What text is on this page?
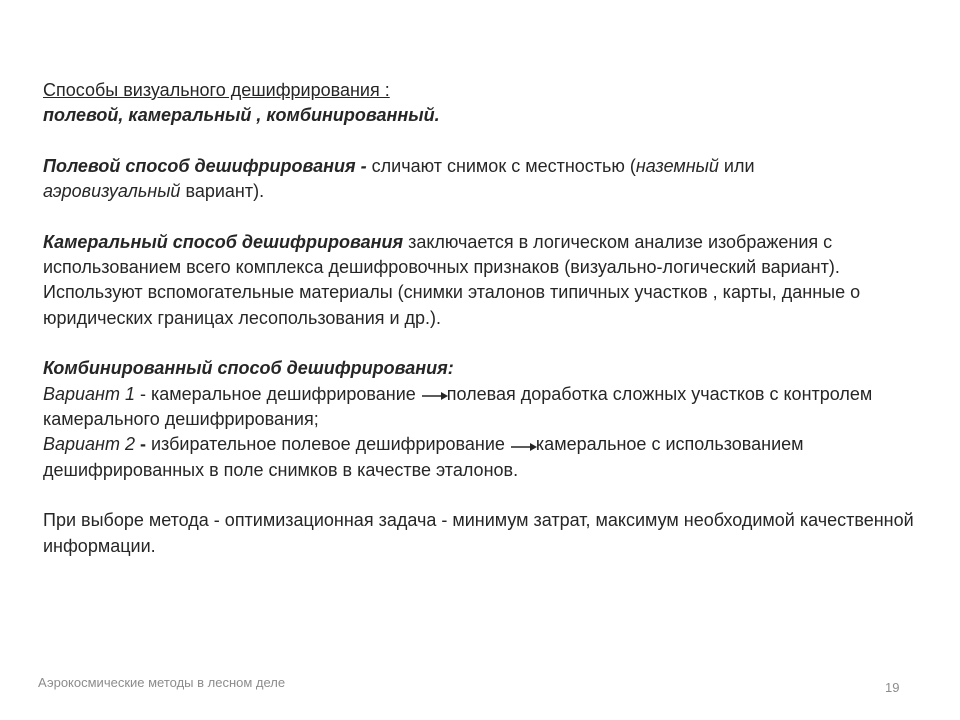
Способы визуального дешифрирования :

полевой, камеральный , комбинированный.

Полевой способ дешифрирования - сличают снимок с местностью (наземный или
аэровизуальный вариант).

Камеральный способ дешифрирования заключается в логическом анализе изображения с использованием всего комплекса дешифровочных признаков (визуально-логический вариант). Используют вспомогательные материалы (снимки эталонов типичных участков , карты, данные о юридических границах лесопользования и др.).

Комбинированный способ дешифрирования:

Вариант 1 - камеральное дешифрирование полевая доработка сложных участков с контролем камерального дешифрирования;

Вариант 2 - избирательное полевое дешифрирование камеральное с использованием дешифрированных в поле снимков в качестве эталонов.

При выборе метода - оптимизационная задача - минимум затрат, максимум необходимой качественной информации.

Аэрокосмические методы в лесном деле	19
